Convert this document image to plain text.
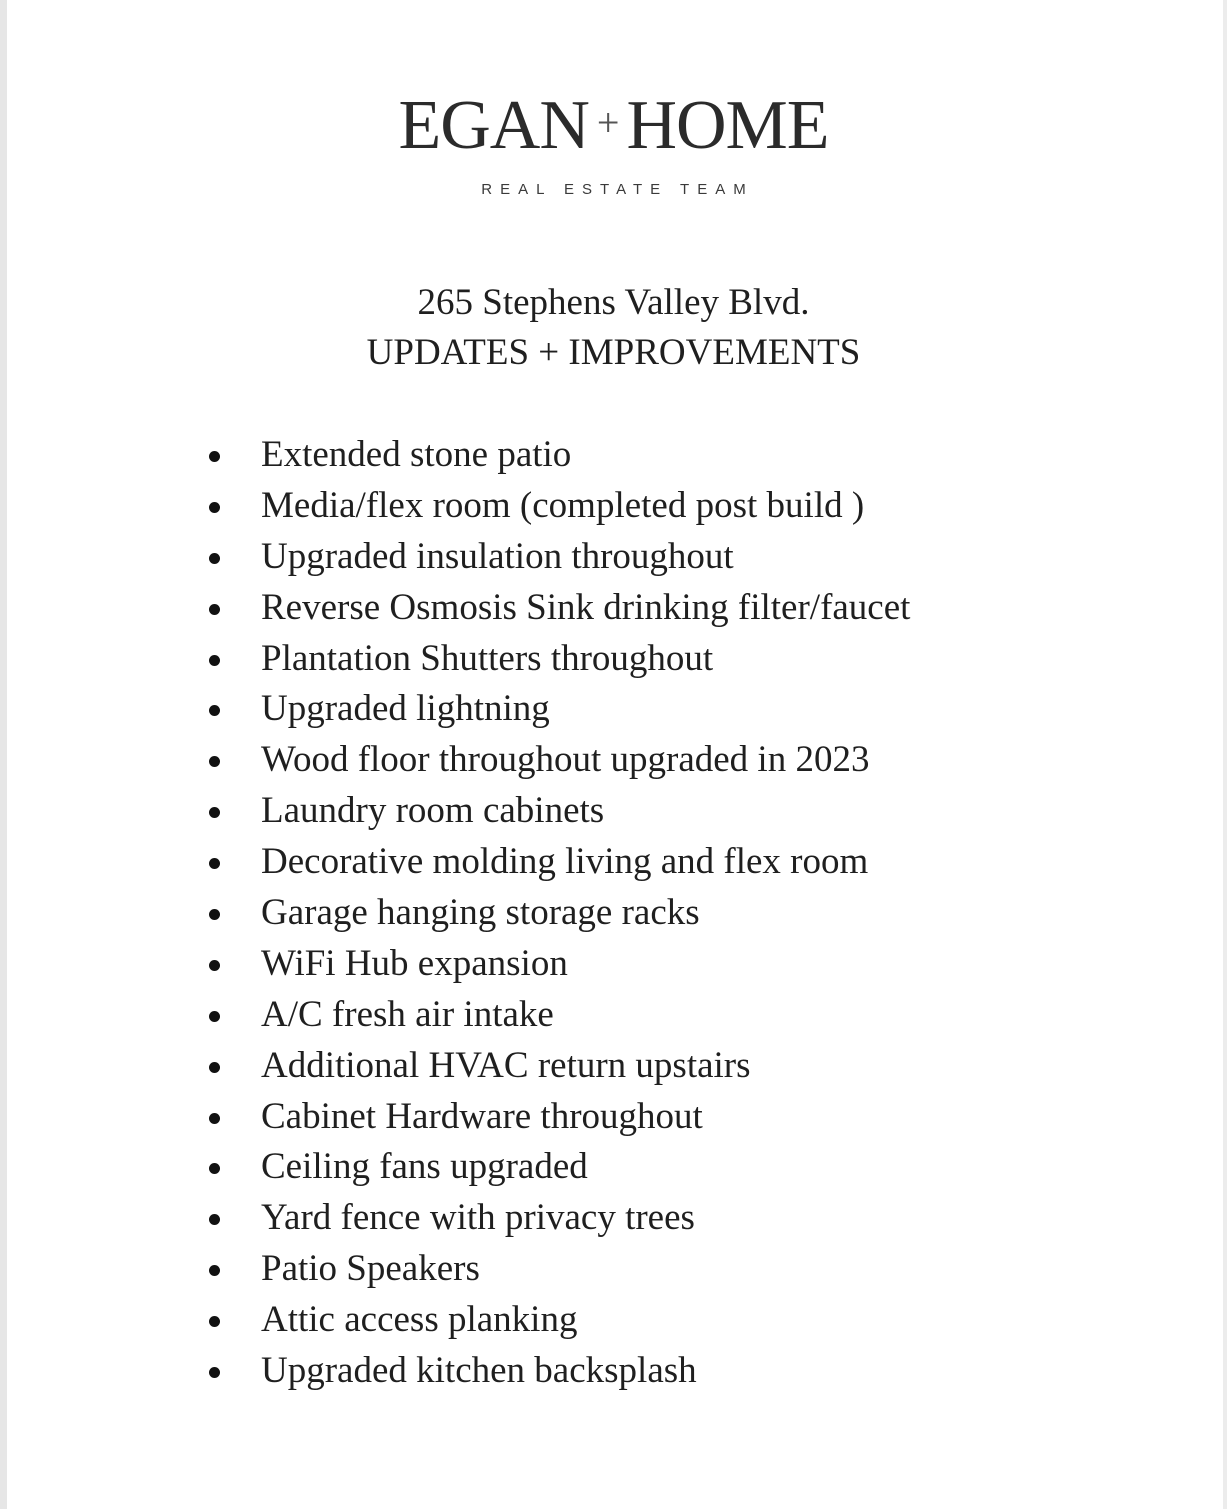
EGAN + HOME
REAL ESTATE TEAM
265 Stephens Valley Blvd.
UPDATES + IMPROVEMENTS
Extended stone patio
Media/flex room (completed post build )
Upgraded insulation throughout
Reverse Osmosis Sink drinking filter/faucet
Plantation Shutters throughout
Upgraded lightning
Wood floor throughout upgraded in 2023
Laundry room cabinets
Decorative molding living and flex room
Garage hanging storage racks
WiFi Hub expansion
A/C fresh air intake
Additional HVAC return upstairs
Cabinet Hardware throughout
Ceiling fans upgraded
Yard fence with privacy trees
Patio Speakers
Attic access planking
Upgraded kitchen backsplash
